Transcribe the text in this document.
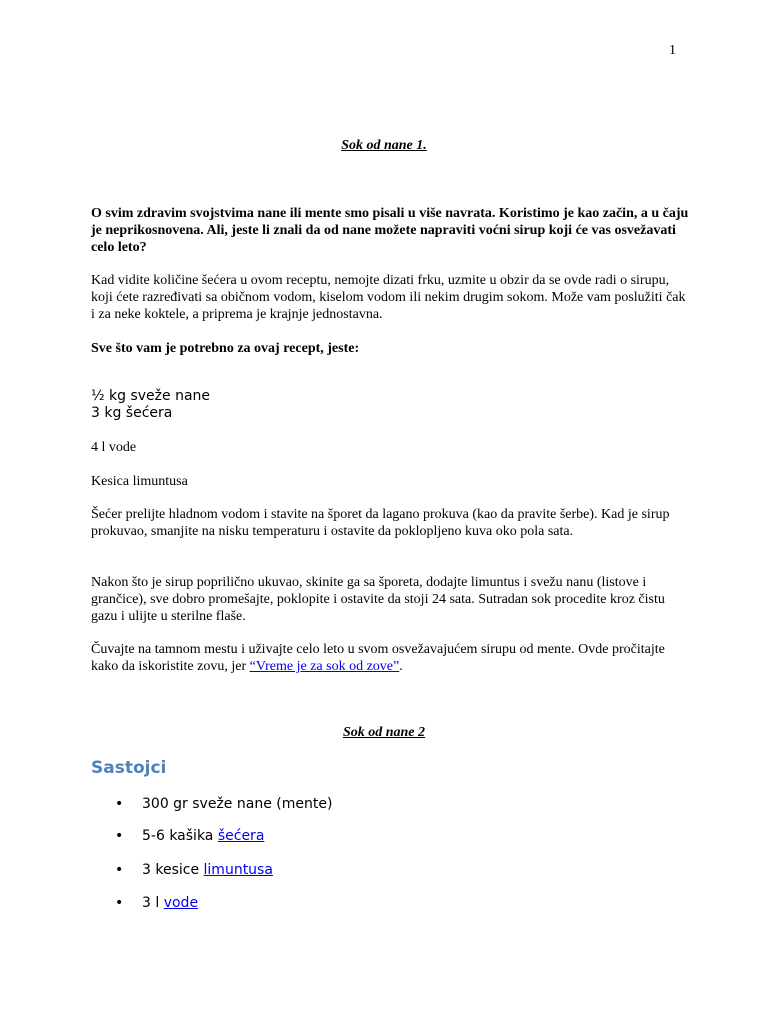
1
Sok od nane 1.
O svim zdravim svojstvima nane ili mente smo pisali u više navrata. Koristimo je kao začin, a u čaju je neprikosnovena. Ali, jeste li znali da od nane možete napraviti voćni sirup koji će vas osvežavati celo leto?
Kad vidite količine šećera u ovom receptu, nemojte dizati frku, uzmite u obzir da se ovde radi o sirupu, koji ćete razređivati sa običnom vodom, kiselom vodom ili nekim drugim sokom. Može vam poslužiti čak i za neke koktele, a priprema je krajnje jednostavna.
Sve što vam je potrebno za ovaj recept, jeste:
½ kg sveže nane
3 kg šećera
4 l vode
Kesica limuntusa
Šećer prelijte hladnom vodom i stavite na šporet da lagano prokuva (kao da pravite šerbe). Kad je sirup prokuvao, smanjite na nisku temperaturu i ostavite da poklopljeno kuva oko pola sata.
Nakon što je sirup poprilično ukuvao, skinite ga sa šporeta, dodajte limuntus i svežu nanu (listove i grančice), sve dobro promešajte, poklopite i ostavite da stoji 24 sata. Sutradan sok procedite kroz čistu gazu i ulijte u sterilne flaše.
Čuvajte na tamnom mestu i uživajte celo leto u svom osvežavajućem sirupu od mente. Ovde pročitajte kako da iskoristite zovu, jer “Vreme je za sok od zove”.
Sok od nane 2
Sastojci
• 300 gr sveže nane (mente)
• 5-6 kašika šećera
• 3 kesice limuntusa
• 3 l vode
